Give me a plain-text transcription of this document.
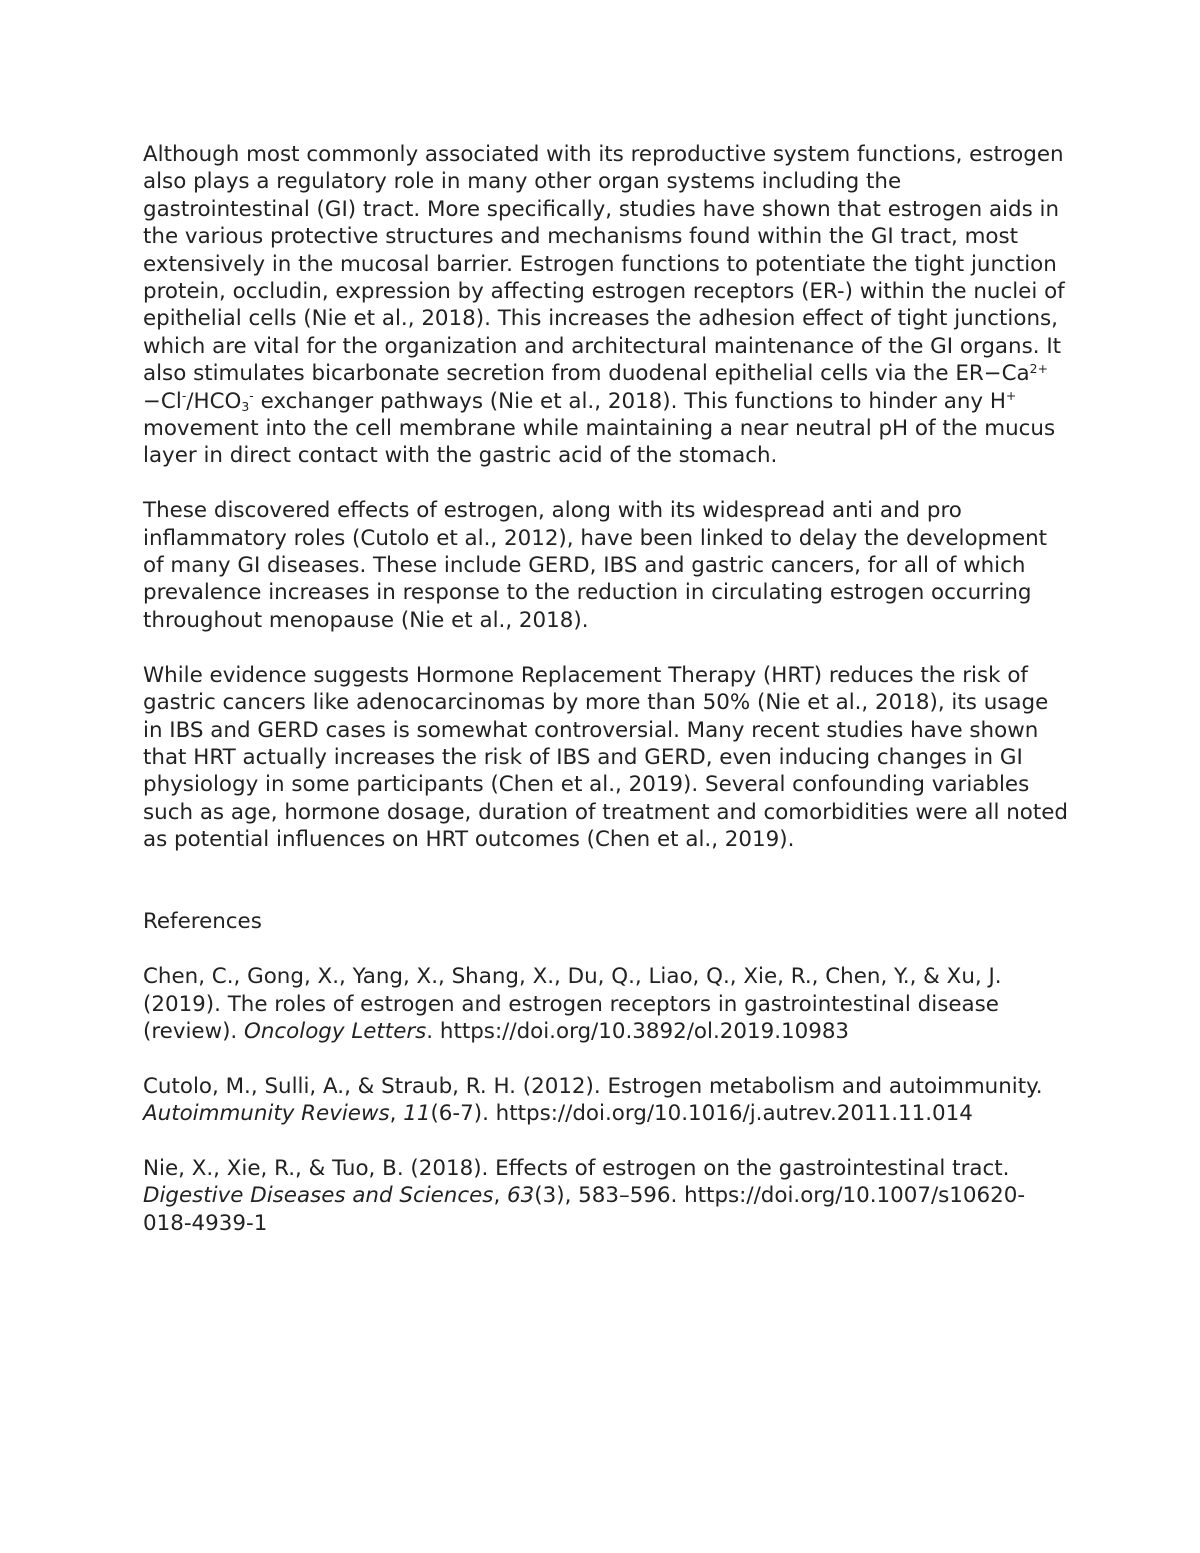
Although most commonly associated with its reproductive system functions, estrogen also plays a regulatory role in many other organ systems including the gastrointestinal (GI) tract. More specifically, studies have shown that estrogen aids in the various protective structures and mechanisms found within the GI tract, most extensively in the mucosal barrier. Estrogen functions to potentiate the tight junction protein, occludin, expression by affecting estrogen receptors (ER-) within the nuclei of epithelial cells (Nie et al., 2018). This increases the adhesion effect of tight junctions, which are vital for the organization and architectural maintenance of the GI organs. It also stimulates bicarbonate secretion from duodenal epithelial cells via the $ER-Ca^{2+}-Cl^-/HCO_3^-$ exchanger pathways (Nie et al., 2018). This functions to hinder any H+ movement into the cell membrane while maintaining a near neutral pH of the mucus layer in direct contact with the gastric acid of the stomach.

These discovered effects of estrogen, along with its widespread anti and pro inflammatory roles (Cutolo et al., 2012), have been linked to delay the development of many GI diseases. These include GERD, IBS and gastric cancers, for all of which prevalence increases in response to the reduction in circulating estrogen occurring throughout menopause (Nie et al., 2018).

While evidence suggests Hormone Replacement Therapy (HRT) reduces the risk of gastric cancers like adenocarcinomas by more than 50% (Nie et al., 2018), its usage in IBS and GERD cases is somewhat controversial. Many recent studies have shown that HRT actually increases the risk of IBS and GERD, even inducing changes in GI physiology in some participants (Chen et al., 2019). Several confounding variables such as age, hormone dosage, duration of treatment and comorbidities were all noted as potential influences on HRT outcomes (Chen et al., 2019).

References

Chen, C., Gong, X., Yang, X., Shang, X., Du, Q., Liao, Q., Xie, R., Chen, Y., & Xu, J. (2019). The roles of estrogen and estrogen receptors in gastrointestinal disease (review). Oncology Letters. https://doi.org/10.3892/ol.2019.10983

Cutolo, M., Sulli, A., & Straub, R. H. (2012). Estrogen metabolism and autoimmunity. Autoimmunity Reviews, 11(6-7). https://doi.org/10.1016/j.autrev.2011.11.014

Nie, X., Xie, R., & Tuo, B. (2018). Effects of estrogen on the gastrointestinal tract. Digestive Diseases and Sciences, 63(3), 583–596. https://doi.org/10.1007/s10620-018-4939-1
